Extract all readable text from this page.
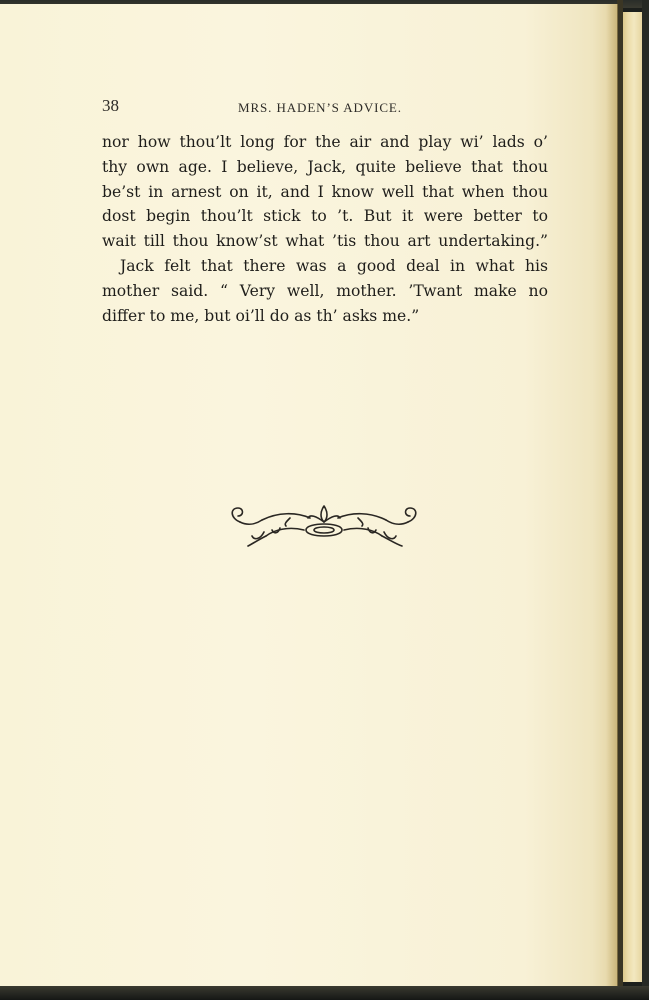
38	MRS. HADEN’S ADVICE.
nor how thou’lt long for the air and play wi’ lads o’
thy own age. I believe, Jack, quite believe that thou
be’st in arnest on it, and I know well that when thou
dost begin thou’lt stick to ’t. But it were better to
wait till thou know’st what ’tis thou art undertaking.”
Jack felt that there was a good deal in what his
mother said. “ Very well, mother. ’Twant make no
differ to me, but oi’ll do as th’ asks me.”
